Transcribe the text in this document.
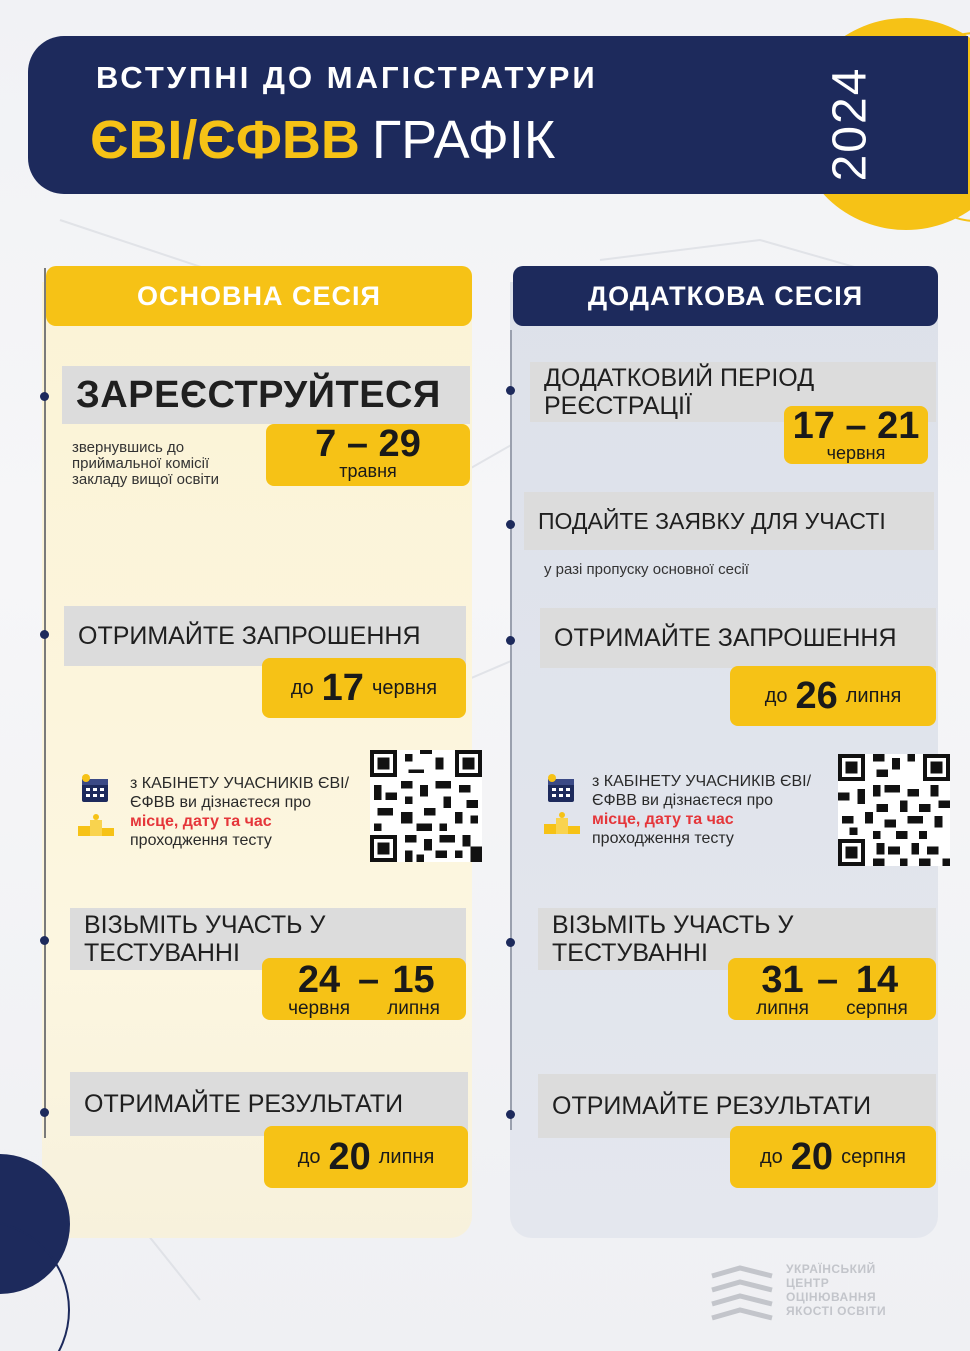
ВСТУПНІ ДО МАГІСТРАТУРИ
ЄВІ/ЄФВВ ГРАФІК	2024
ОСНОВНА СЕСІЯ	ДОДАТКОВА СЕСІЯ
ЗАРЕЄСТРУЙТЕСЯ
звернувшись до
приймальної комісії
закладу вищої освіти
7 – 29
травня
ОТРИМАЙТЕ ЗАПРОШЕННЯ
до 17 червня
з КАБІНЕТУ УЧАСНИКІВ ЄВІ/
ЄФВВ ви дізнаєтеся про
місце, дату та час
проходження тесту
ВІЗЬМІТЬ УЧАСТЬ У
ТЕСТУВАННІ
24
червня
– 15
липня
ОТРИМАЙТЕ РЕЗУЛЬТАТИ
до 20 липня
ДОДАТКОВИЙ ПЕРІОД
РЕЄСТРАЦІЇ	17 – 21
червня
ПОДАЙТЕ ЗАЯВКУ ДЛЯ УЧАСТІ
у разі пропуску основної сесії
ОТРИМАЙТЕ ЗАПРОШЕННЯ
до 26 липня
з КАБІНЕТУ УЧАСНИКІВ ЄВІ/
ЄФВВ ви дізнаєтеся про
місце, дату та час
проходження тесту
ВІЗЬМІТЬ УЧАСТЬ У
ТЕСТУВАННІ
31
липня
– 14
серпня
ОТРИМАЙТЕ РЕЗУЛЬТАТИ
до 20 серпня
УКРАЇНСЬКИЙ
ЦЕНТР
ОЦІНЮВАННЯ
ЯКОСТІ ОСВІТИ
